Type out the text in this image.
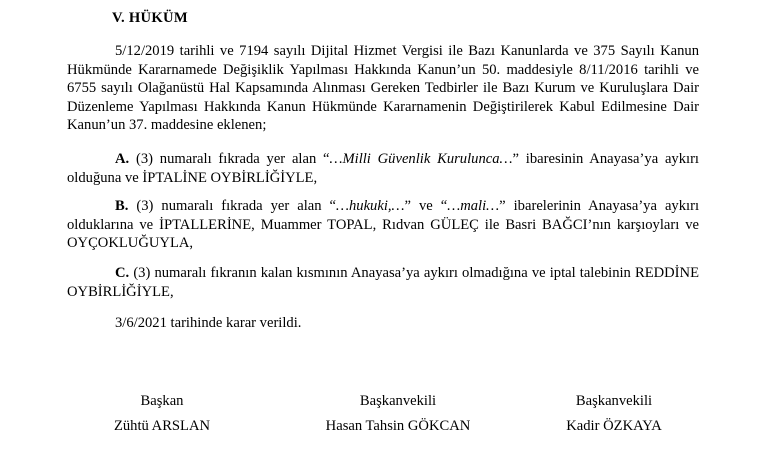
V. HÜKÜM

5/12/2019 tarihli ve 7194 sayılı Dijital Hizmet Vergisi ile Bazı Kanunlarda ve 375 Sayılı Kanun Hükmünde Kararnamede Değişiklik Yapılması Hakkında Kanun’un 50. maddesiyle 8/11/2016 tarihli ve 6755 sayılı Olağanüstü Hal Kapsamında Alınması Gereken Tedbirler ile Bazı Kurum ve Kuruluşlara Dair Düzenleme Yapılması Hakkında Kanun Hükmünde Kararnamenin Değiştirilerek Kabul Edilmesine Dair Kanun’un 37. maddesine eklenen;

A. (3) numaralı fıkrada yer alan “…Milli Güvenlik Kurulunca…” ibaresinin Anayasa’ya aykırı olduğuna ve İPTALİNE OYBİRLİĞİYLE,

B. (3) numaralı fıkrada yer alan “…hukuki,…” ve “…mali…” ibarelerinin Anayasa’ya aykırı olduklarına ve İPTALLERİNE, Muammer TOPAL, Rıdvan GÜLEÇ ile Basri BAĞCI’nın karşıoyları ve OYÇOKLUĞUYLA,

C. (3) numaralı fıkranın kalan kısmının Anayasa’ya aykırı olmadığına ve iptal talebinin REDDİNE OYBİRLİĞİYLE,

3/6/2021 tarihinde karar verildi.

Başkan
Zühtü ARSLAN
Başkanvekili
Hasan Tahsin GÖKCAN
Başkanvekili
Kadir ÖZKAYA
